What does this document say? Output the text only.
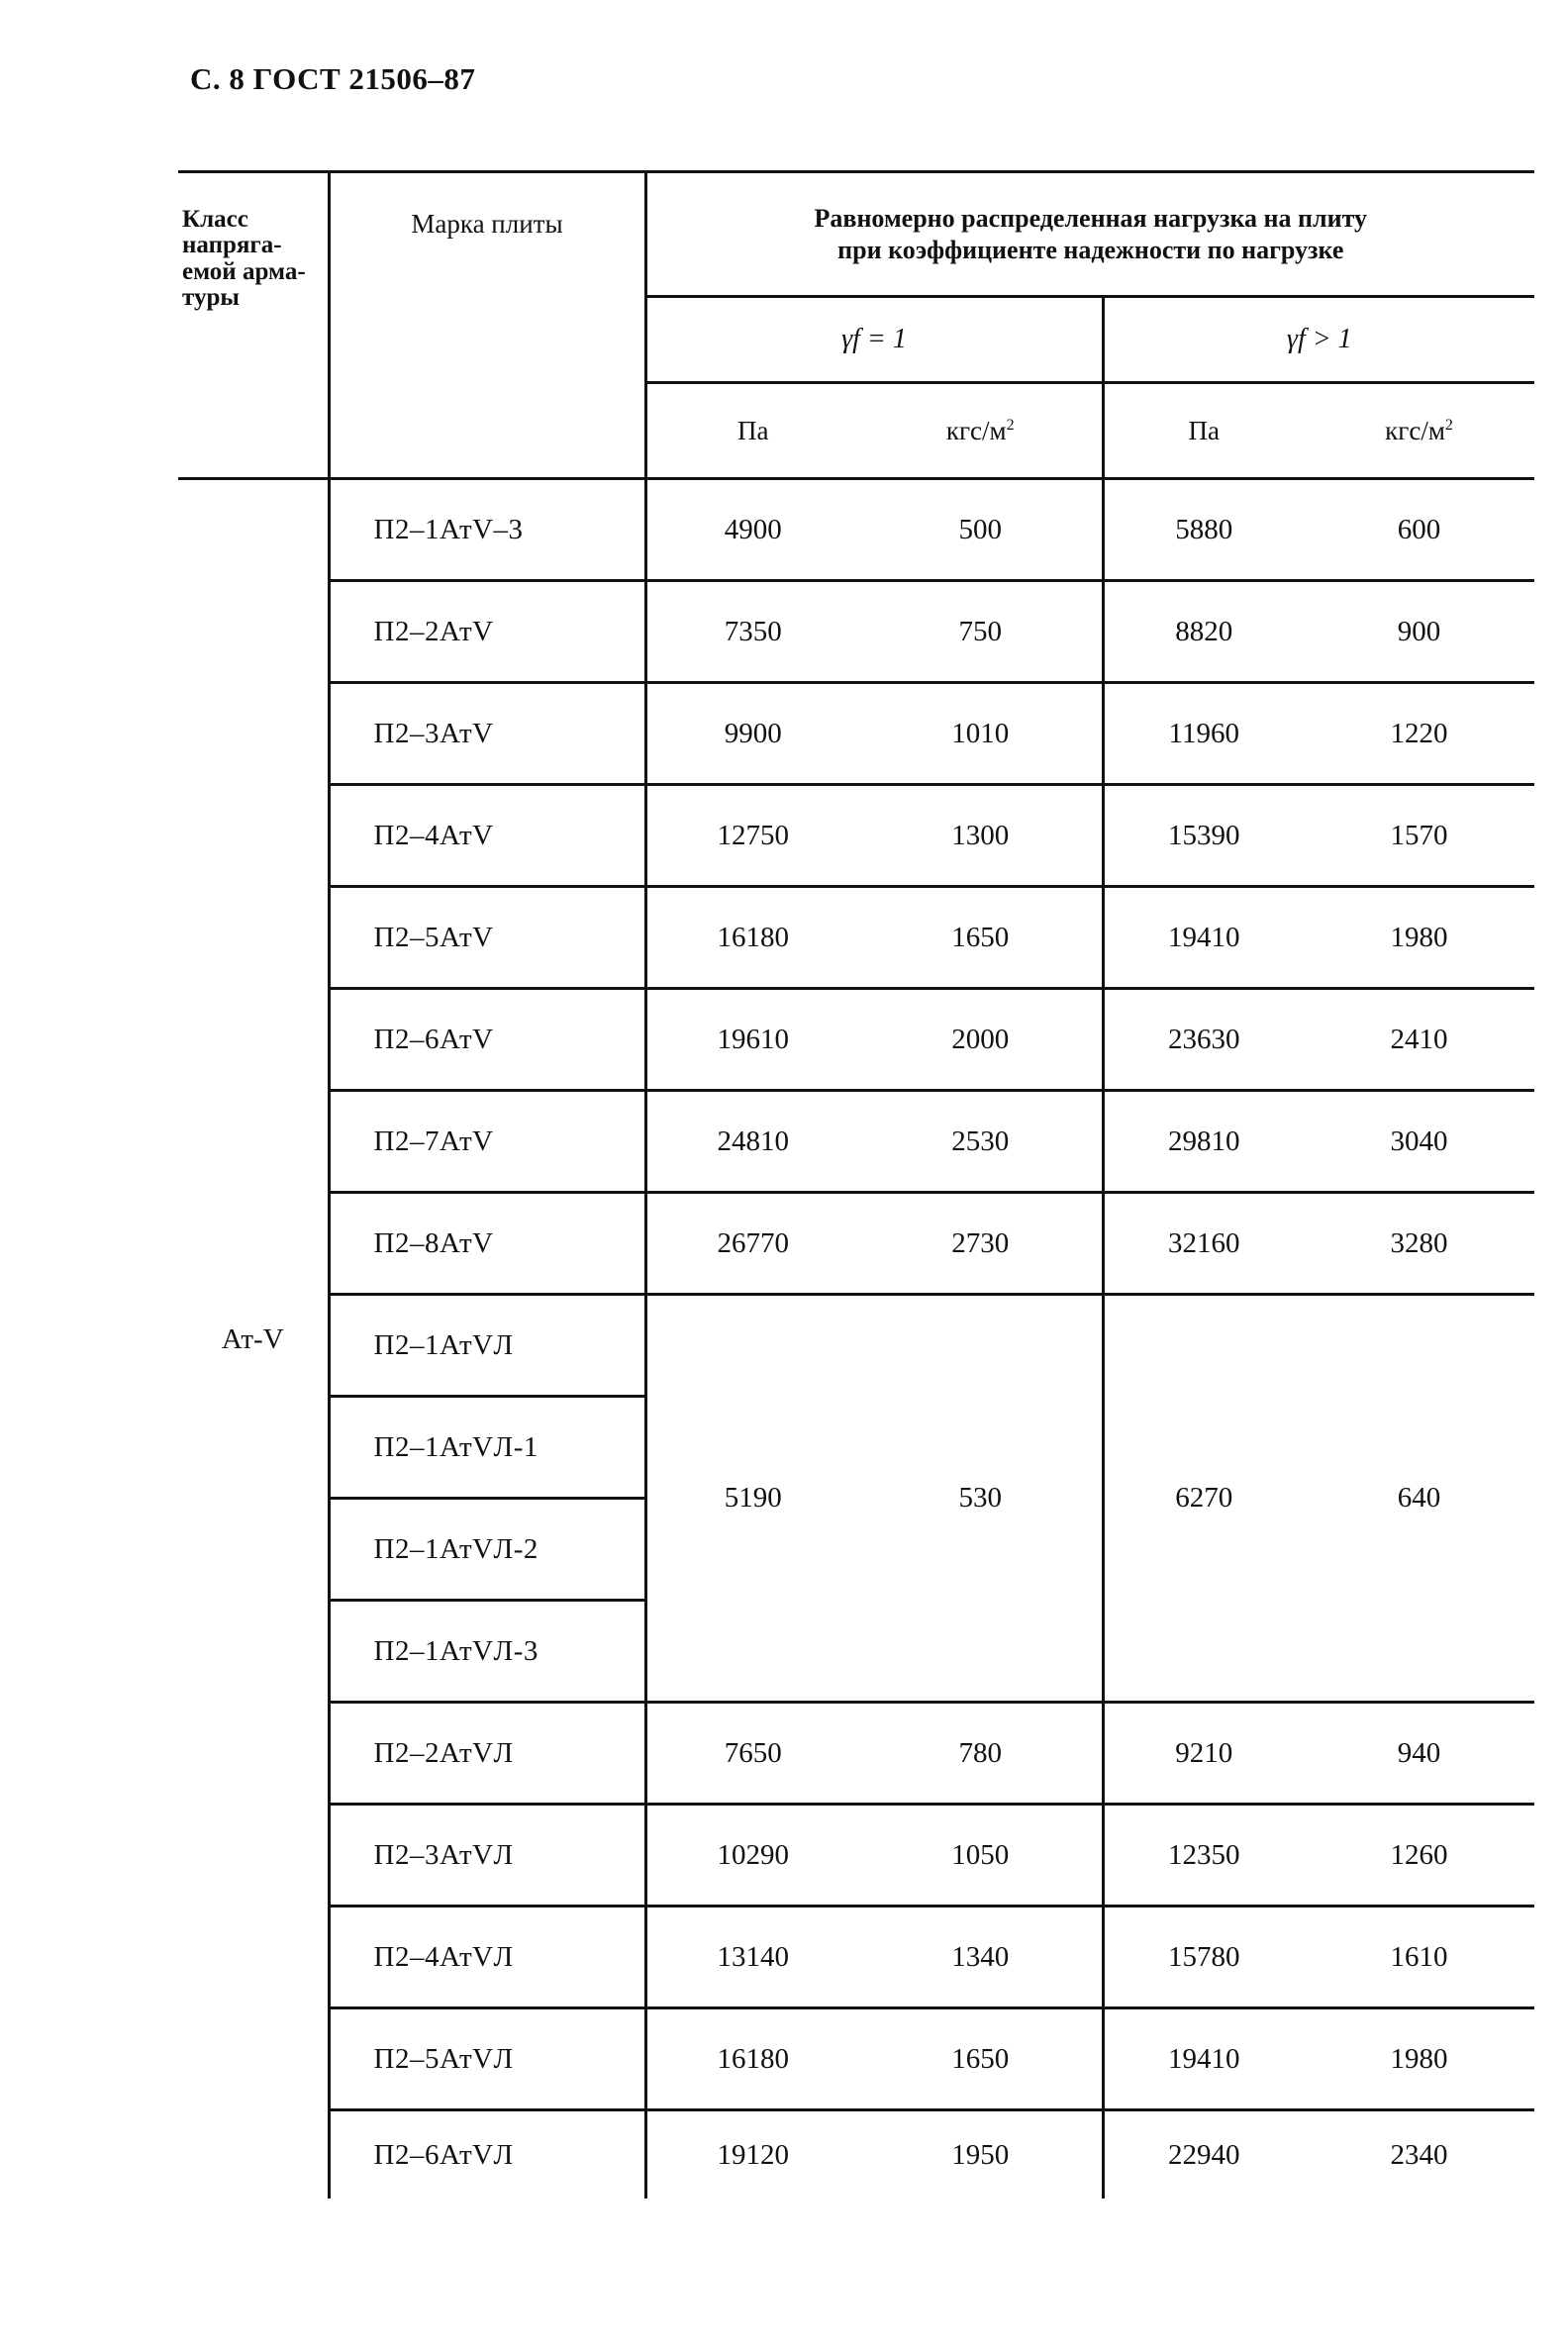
С. 8 ГОСТ 21506–87
Класс напряга-емой арма-туры	Марка плиты	Равномерно распределенная нагрузка на плиту
при коэффициенте надежности по нагрузке			

		γf = 1		γf > 1	
		Па	кгс/$м^2$	Па	кгс/$м^2$
Ат-V	П2–1АтV–3	4900	500	5880	600
	П2–2АтV	7350	750	8820	900
	П2–3АтV	9900	1010	11960	1220
	П2–4АтV	12750	1300	15390	1570
	П2–5АтV	16180	1650	19410	1980
	П2–6АтV	19610	2000	23630	2410
	П2–7АтV	24810	2530	29810	3040
	П2–8АтV	26770	2730	32160	3280
	П2–1АтVЛ	5190	530	6270	640
	П2–1АтVЛ-1				
	П2–1АтVЛ-2				
	П2–1АтVЛ-3				
	П2–2АтVЛ	7650	780	9210	940
	П2–3АтVЛ	10290	1050	12350	1260
	П2–4АтVЛ	13140	1340	15780	1610
	П2–5АтVЛ	16180	1650	19410	1980
	П2–6АтVЛ	19120	1950	22940	2340
